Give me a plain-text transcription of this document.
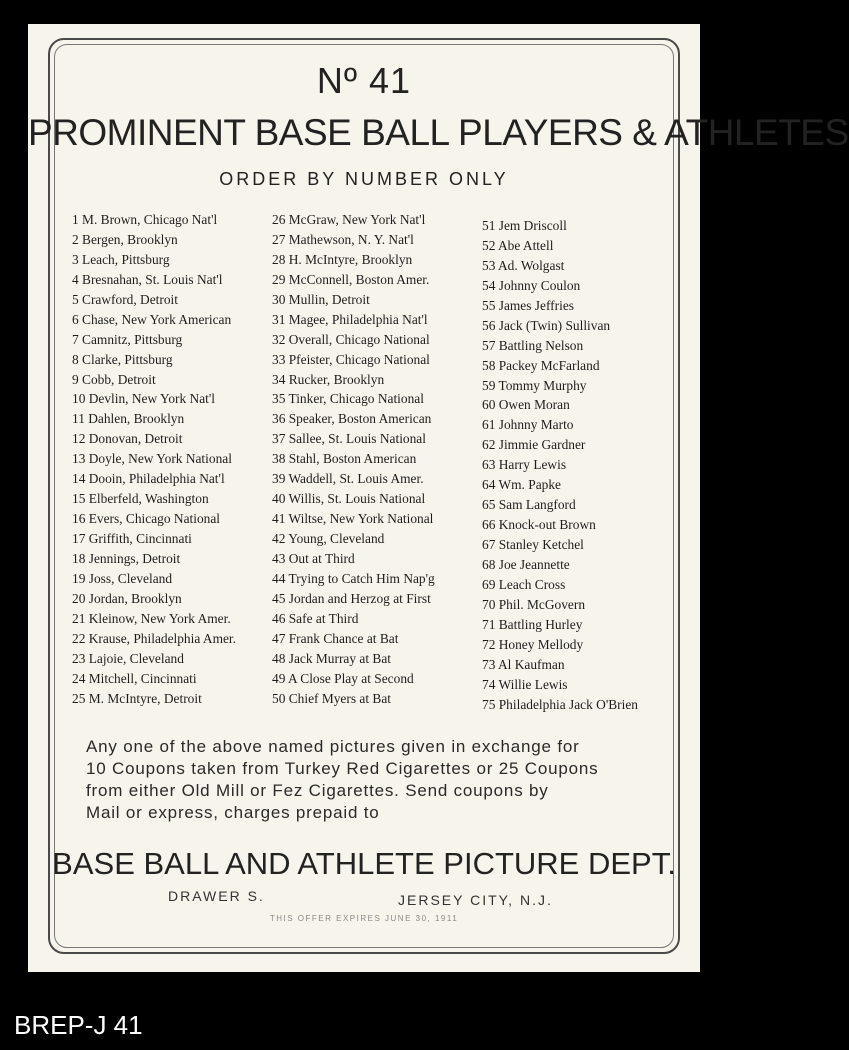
Nº 41
PROMINENT BASE BALL PLAYERS & ATHLETES
ORDER BY NUMBER ONLY
1 M. Brown, Chicago Nat'l
2 Bergen, Brooklyn
3 Leach, Pittsburg
4 Bresnahan, St. Louis Nat'l
5 Crawford, Detroit
6 Chase, New York American
7 Camnitz, Pittsburg
8 Clarke, Pittsburg
9 Cobb, Detroit
10 Devlin, New York Nat'l
11 Dahlen, Brooklyn
12 Donovan, Detroit
13 Doyle, New York National
14 Dooin, Philadelphia Nat'l
15 Elberfeld, Washington
16 Evers, Chicago National
17 Griffith, Cincinnati
18 Jennings, Detroit
19 Joss, Cleveland
20 Jordan, Brooklyn
21 Kleinow, New York Amer.
22 Krause, Philadelphia Amer.
23 Lajoie, Cleveland
24 Mitchell, Cincinnati
25 M. McIntyre, Detroit
26 McGraw, New York Nat'l
27 Mathewson, N. Y. Nat'l
28 H. McIntyre, Brooklyn
29 McConnell, Boston Amer.
30 Mullin, Detroit
31 Magee, Philadelphia Nat'l
32 Overall, Chicago National
33 Pfeister, Chicago National
34 Rucker, Brooklyn
35 Tinker, Chicago National
36 Speaker, Boston American
37 Sallee, St. Louis National
38 Stahl, Boston American
39 Waddell, St. Louis Amer.
40 Willis, St. Louis National
41 Wiltse, New York National
42 Young, Cleveland
43 Out at Third
44 Trying to Catch Him Nap'g
45 Jordan and Herzog at First
46 Safe at Third
47 Frank Chance at Bat
48 Jack Murray at Bat
49 A Close Play at Second
50 Chief Myers at Bat
51 Jem Driscoll
52 Abe Attell
53 Ad. Wolgast
54 Johnny Coulon
55 James Jeffries
56 Jack (Twin) Sullivan
57 Battling Nelson
58 Packey McFarland
59 Tommy Murphy
60 Owen Moran
61 Johnny Marto
62 Jimmie Gardner
63 Harry Lewis
64 Wm. Papke
65 Sam Langford
66 Knock-out Brown
67 Stanley Ketchel
68 Joe Jeannette
69 Leach Cross
70 Phil. McGovern
71 Battling Hurley
72 Honey Mellody
73 Al Kaufman
74 Willie Lewis
75 Philadelphia Jack O'Brien
Any one of the above named pictures given in exchange for
10 Coupons taken from Turkey Red Cigarettes or 25 Coupons
from either Old Mill or Fez Cigarettes. Send coupons by
Mail or express, charges prepaid to
BASE BALL AND ATHLETE PICTURE DEPT.
DRAWER S.	JERSEY CITY, N.J.
THIS OFFER EXPIRES JUNE 30, 1911
BREP-J 41
